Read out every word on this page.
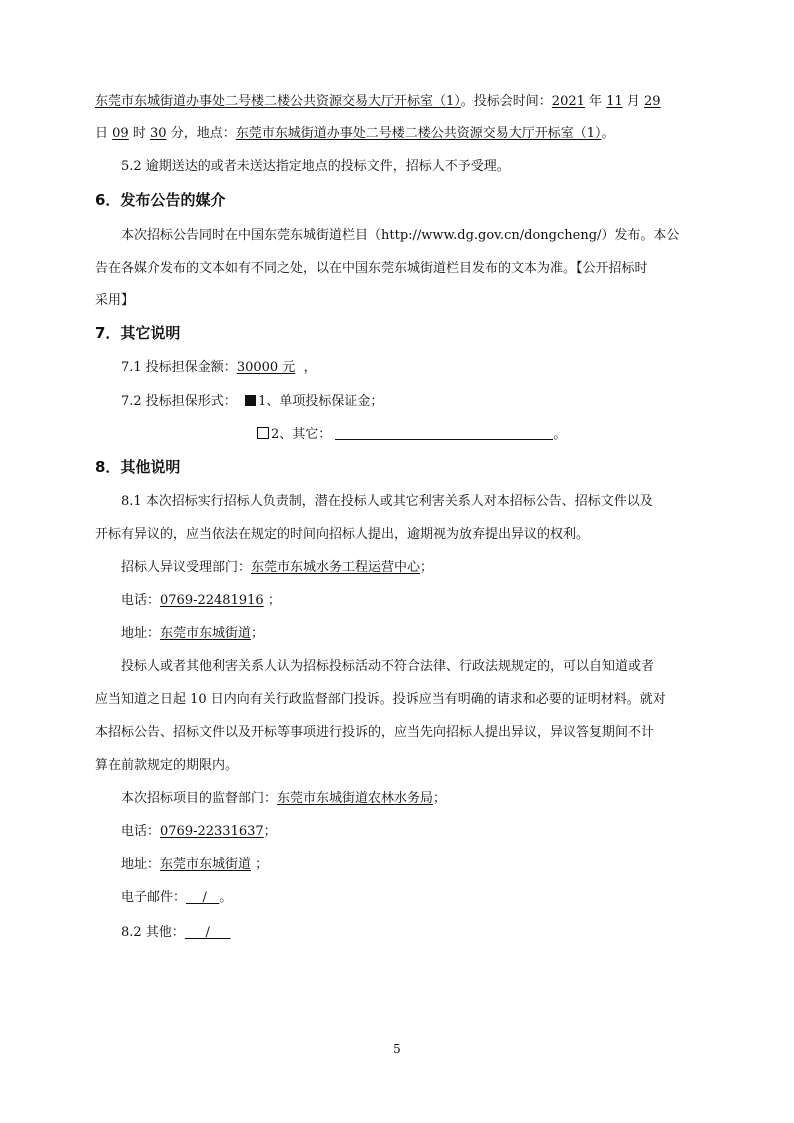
东莞市东城街道办事处二号楼二楼公共资源交易大厅开标室（1）。投标会时间：2021 年 11 月 29
日 09 时 30 分，地点：东莞市东城街道办事处二号楼二楼公共资源交易大厅开标室（1）。
5.2 逾期送达的或者未送达指定地点的投标文件，招标人不予受理。
6．发布公告的媒介
本次招标公告同时在中国东莞东城街道栏目（http://www.dg.gov.cn/dongcheng/）发布。本公
告在各媒介发布的文本如有不同之处，以在中国东莞东城街道栏目发布的文本为准。【公开招标时
采用】
7．其它说明
7.1 投标担保金额：30000 元 ，
7.2 投标担保形式： 1、单项投标保证金；
2、其它：	。
8．其他说明
8.1 本次招标实行招标人负责制，潜在投标人或其它利害关系人对本招标公告、招标文件以及
开标有异议的，应当依法在规定的时间向招标人提出，逾期视为放弃提出异议的权利。
招标人异议受理部门：东莞市东城水务工程运营中心；
电话：0769-22481916 ；
地址：东莞市东城街道；
投标人或者其他利害关系人认为招标投标活动不符合法律、行政法规规定的，可以自知道或者
应当知道之日起 10 日内向有关行政监督部门投诉。投诉应当有明确的请求和必要的证明材料。就对
本招标公告、招标文件以及开标等事项进行投诉的，应当先向招标人提出异议，异议答复期间不计
算在前款规定的期限内。
本次招标项目的监督部门：东莞市东城街道农林水务局；
电话：0769-22331637；
地址：东莞市东城街道 ；
电子邮件： / 。
8.2 其他： /
5
